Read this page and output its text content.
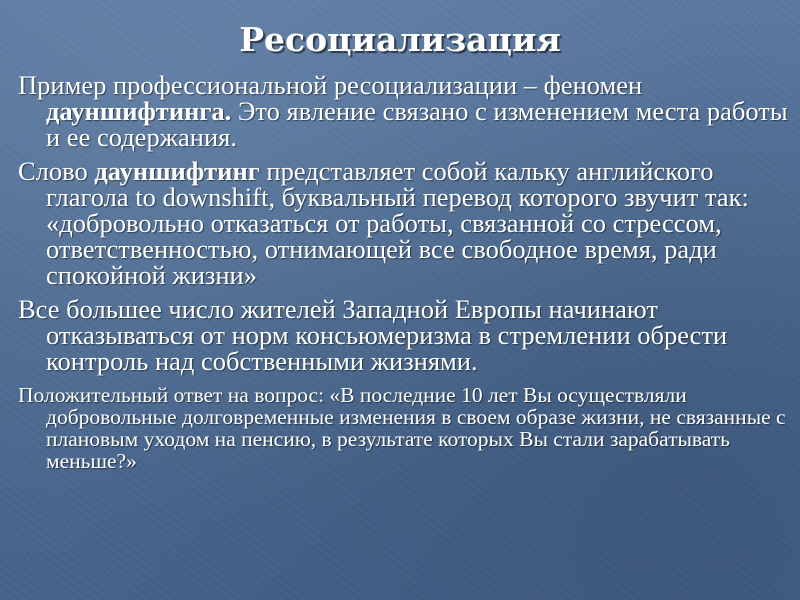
Ресоциализация

Пример профессиональной ресоциализации – феномен дауншифтинга. Это явление связано с изменением места работы и ее содержания.

Слово дауншифтинг представляет собой кальку английского глагола to downshift, буквальный перевод которого звучит так: «добровольно отказаться от работы, связанной со стрессом, ответственностью, отнимающей все свободное время, ради спокойной жизни»

Все большее число жителей Западной Европы начинают отказываться от норм консьюмеризма в стремлении обрести контроль над собственными жизнями.

Положительный ответ на вопрос: «В последние 10 лет Вы осуществляли добровольные долговременные изменения в своем образе жизни, не связанные с плановым уходом на пенсию, в результате которых Вы стали зарабатывать меньше?»
